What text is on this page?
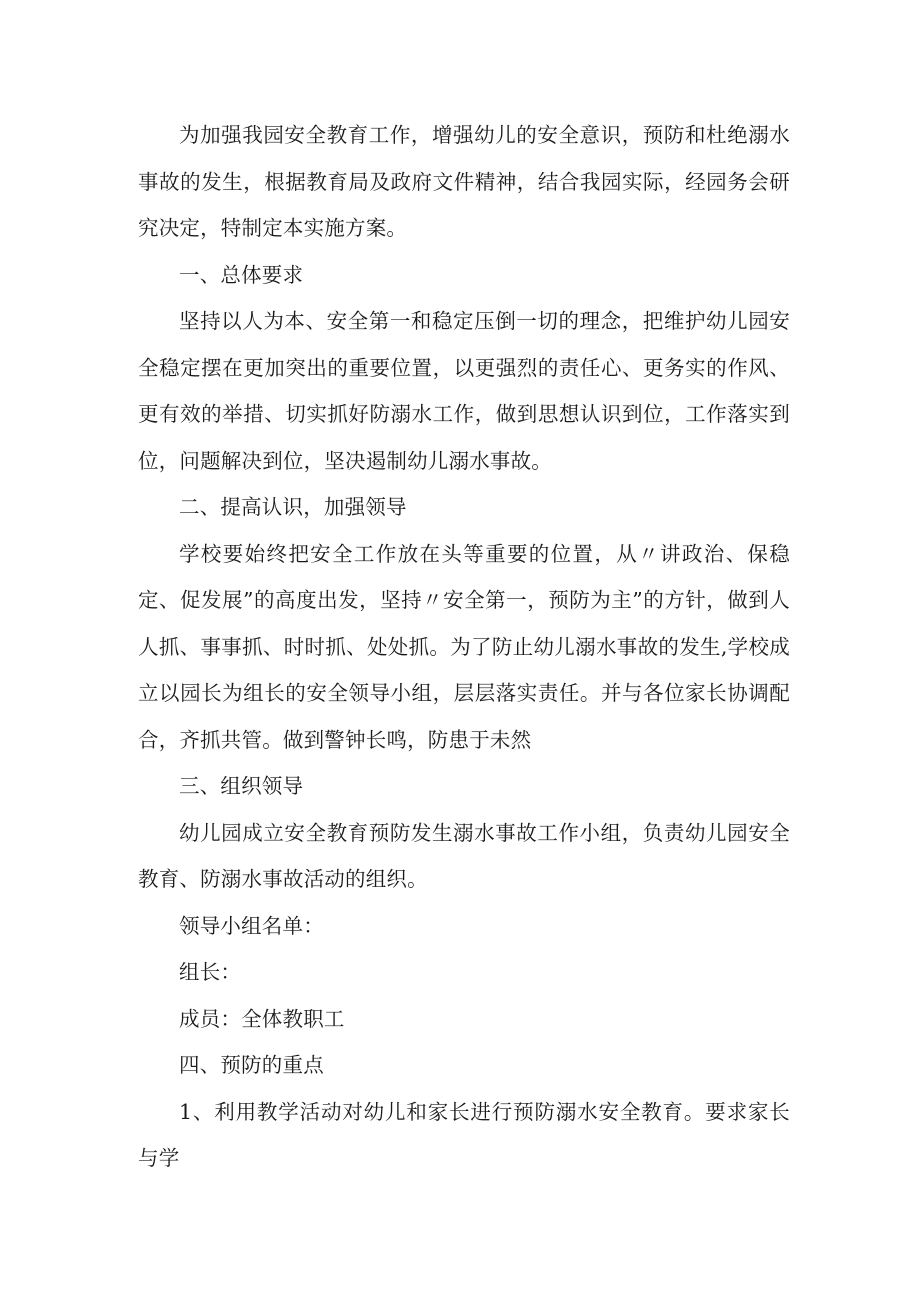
为加强我园安全教育工作，增强幼儿的安全意识，预防和杜绝溺水事故的发生，根据教育局及政府文件精神，结合我园实际，经园务会研究决定，特制定本实施方案。

一、总体要求

坚持以人为本、安全第一和稳定压倒一切的理念，把维护幼儿园安全稳定摆在更加突出的重要位置，以更强烈的责任心、更务实的作风、更有效的举措、切实抓好防溺水工作，做到思想认识到位，工作落实到位，问题解决到位，坚决遏制幼儿溺水事故。

二、提高认识，加强领导

学校要始终把安全工作放在头等重要的位置，从〃讲政治、保稳定、促发展”的高度出发，坚持〃安全第一，预防为主”的方针，做到人人抓、事事抓、时时抓、处处抓。为了防止幼儿溺水事故的发生,学校成立以园长为组长的安全领导小组，层层落实责任。并与各位家长协调配合，齐抓共管。做到警钟长鸣，防患于未然

三、组织领导

幼儿园成立安全教育预防发生溺水事故工作小组，负责幼儿园安全教育、防溺水事故活动的组织。

领导小组名单：

组长：

成员：全体教职工

四、预防的重点

1、利用教学活动对幼儿和家长进行预防溺水安全教育。要求家长与学
